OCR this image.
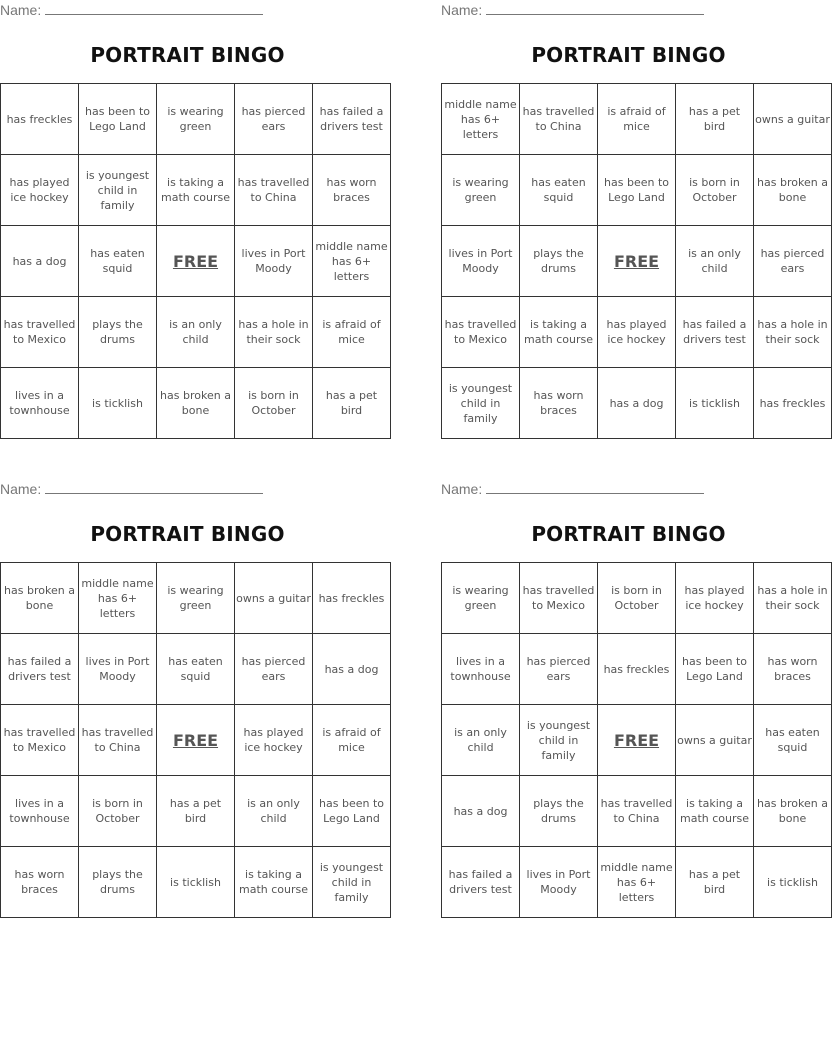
Name:
PORTRAIT BINGO
has freckles	has been to Lego Land	is wearing green	has pierced ears	has failed a drivers test
has played ice hockey	is youngest child in family	is taking a math course	has travelled to China	has worn braces
has a dog	has eaten squid	FREE	lives in Port Moody	middle name has 6+ letters
has travelled to Mexico	plays the drums	is an only child	has a hole in their sock	is afraid of mice
lives in a townhouse	is ticklish	has broken a bone	is born in October	has a pet bird
Name:
PORTRAIT BINGO
middle name has 6+ letters	has travelled to China	is afraid of mice	has a pet bird	owns a guitar
is wearing green	has eaten squid	has been to Lego Land	is born in October	has broken a bone
lives in Port Moody	plays the drums	FREE	is an only child	has pierced ears
has travelled to Mexico	is taking a math course	has played ice hockey	has failed a drivers test	has a hole in their sock
is youngest child in family	has worn braces	has a dog	is ticklish	has freckles
Name:
PORTRAIT BINGO
has broken a bone	middle name has 6+ letters	is wearing green	owns a guitar	has freckles
has failed a drivers test	lives in Port Moody	has eaten squid	has pierced ears	has a dog
has travelled to Mexico	has travelled to China	FREE	has played ice hockey	is afraid of mice
lives in a townhouse	is born in October	has a pet bird	is an only child	has been to Lego Land
has worn braces	plays the drums	is ticklish	is taking a math course	is youngest child in family
Name:
PORTRAIT BINGO
is wearing green	has travelled to Mexico	is born in October	has played ice hockey	has a hole in their sock
lives in a townhouse	has pierced ears	has freckles	has been to Lego Land	has worn braces
is an only child	is youngest child in family	FREE	owns a guitar	has eaten squid
has a dog	plays the drums	has travelled to China	is taking a math course	has broken a bone
has failed a drivers test	lives in Port Moody	middle name has 6+ letters	has a pet bird	is ticklish
